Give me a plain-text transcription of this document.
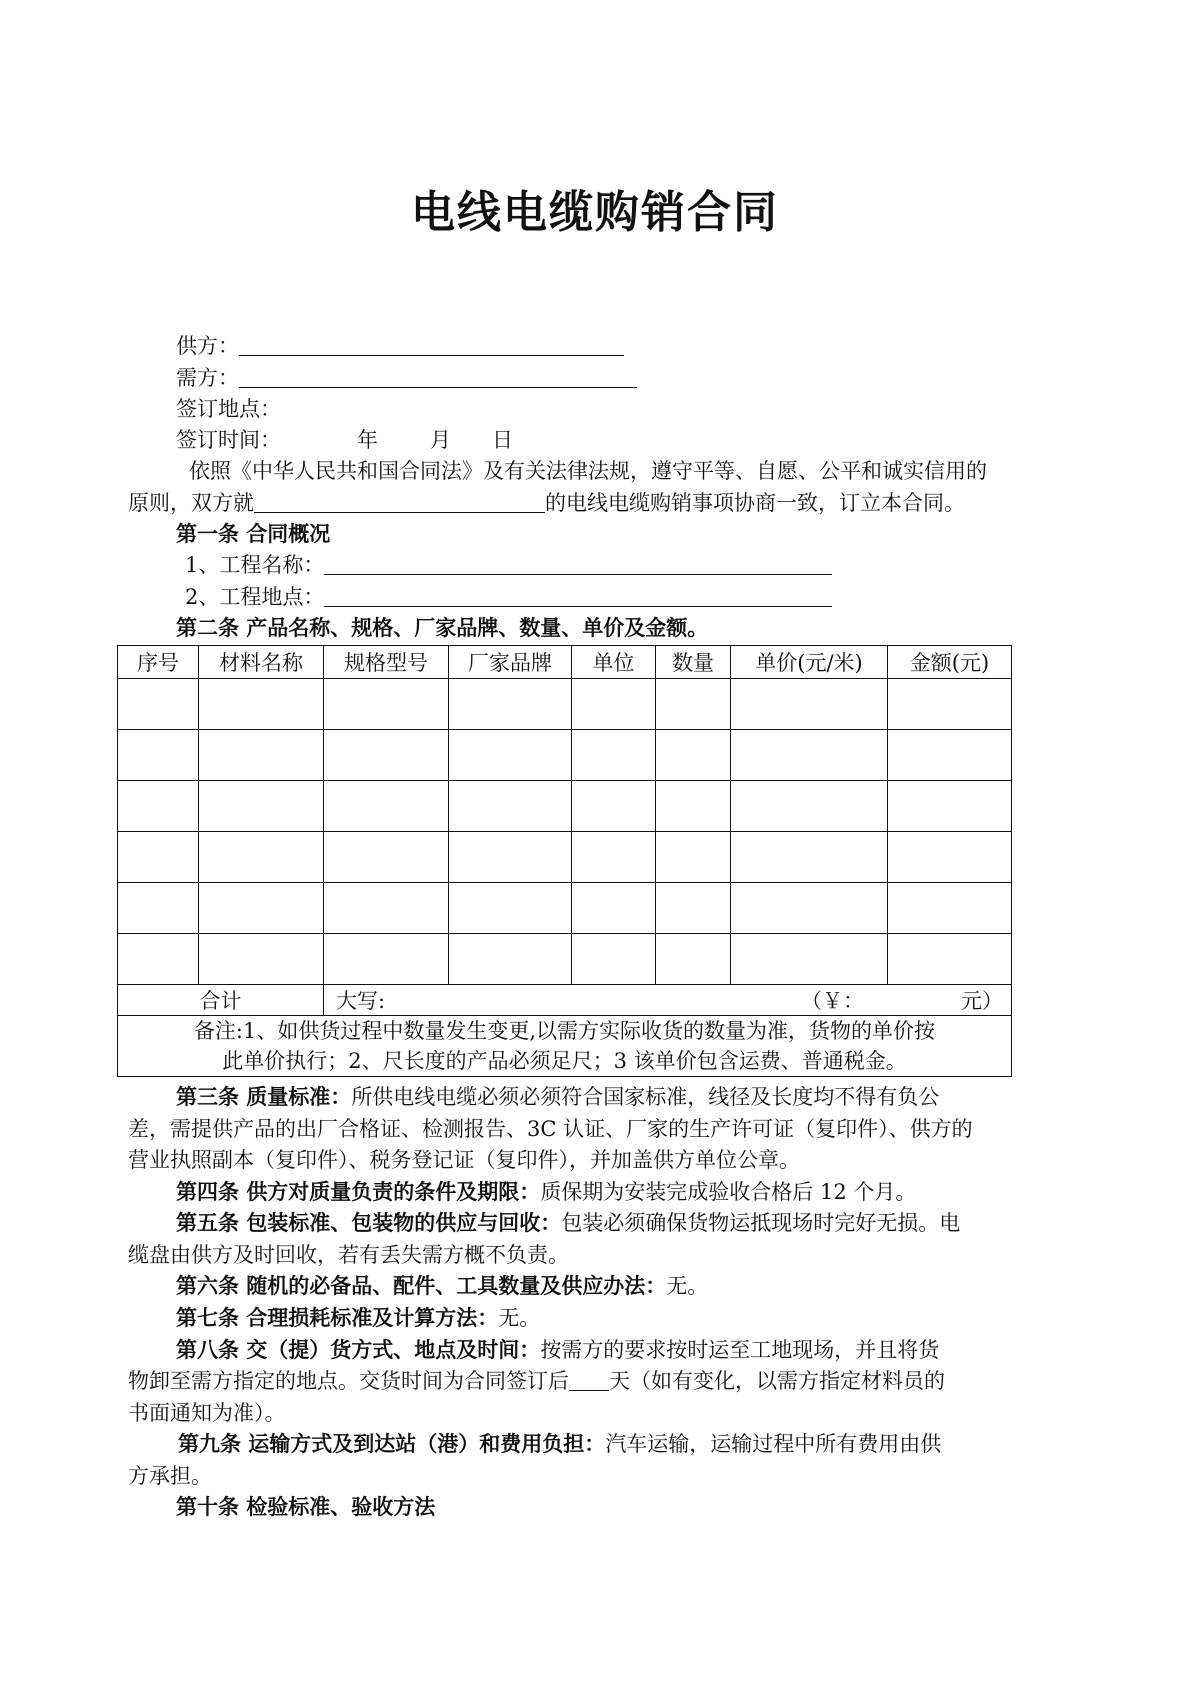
电线电缆购销合同
供方：
需方：
签订地点：
签订时间：	年 月 日
依照《中华人民共和国合同法》及有关法律法规，遵守平等、自愿、公平和诚实信用的
原则，双方就	的电线电缆购销事项协商一致，订立本合同。
第一条 合同概况
1、工程名称：
2、工程地点：
第二条 产品名称、规格、厂家品牌、数量、单价及金额。
序号	材料名称	规格型号	厂家品牌	单位	数量	单价(元/米)	金额(元)

合计		大写: （￥： 元）					

备注:1、如供货过程中数量发生变更,以需方实际收货的数量为准，货物的单价按
此单价执行；2、尺长度的产品必须足尺；3 该单价包含运费、普通税金。							
第三条 质量标准：所供电线电缆必须必须符合国家标准，线径及长度均不得有负公
差，需提供产品的出厂合格证、检测报告、3C 认证、厂家的生产许可证（复印件）、供方的
营业执照副本（复印件）、税务登记证（复印件），并加盖供方单位公章。
第四条 供方对质量负责的条件及期限：质保期为安装完成验收合格后 12 个月。
第五条 包装标准、包装物的供应与回收：包装必须确保货物运抵现场时完好无损。电
缆盘由供方及时回收，若有丢失需方概不负责。
第六条 随机的必备品、配件、工具数量及供应办法：无。
第七条 合理损耗标准及计算方法：无。
第八条 交（提）货方式、地点及时间：按需方的要求按时运至工地现场，并且将货
物卸至需方指定的地点。交货时间为合同签订后 天（如有变化，以需方指定材料员的
书面通知为准）。
第九条 运输方式及到达站（港）和费用负担：汽车运输，运输过程中所有费用由供
方承担。
第十条 检验标准、验收方法
